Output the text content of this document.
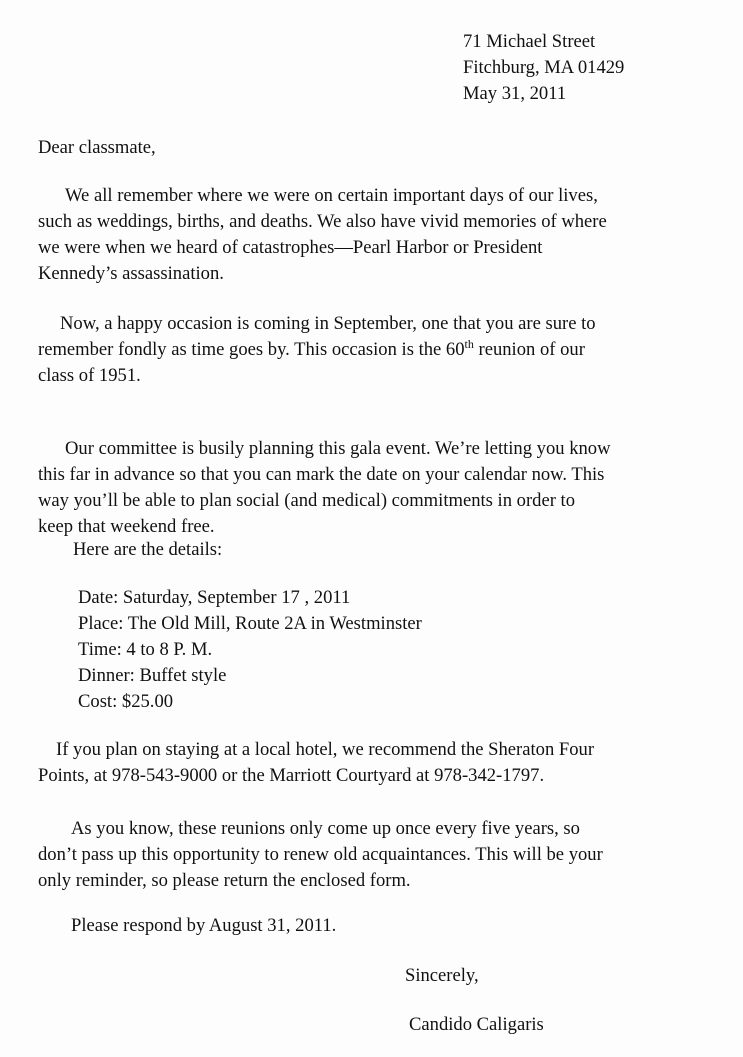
71 Michael Street
Fitchburg, MA 01429
May 31, 2011
Dear classmate,
We all remember where we were on certain important days of our lives,
such as weddings, births, and deaths. We also have vivid memories of where
we were when we heard of catastrophes—Pearl Harbor or President
Kennedy’s assassination.
Now, a happy occasion is coming in September, one that you are sure to
remember fondly as time goes by. This occasion is the 60th reunion of our
class of 1951.
Our committee is busily planning this gala event. We’re letting you know
this far in advance so that you can mark the date on your calendar now. This
way you’ll be able to plan social (and medical) commitments in order to
keep that weekend free.
Here are the details:
Date: Saturday, September 17 , 2011
Place: The Old Mill, Route 2A in Westminster
Time: 4 to 8 P. M.
Dinner: Buffet style
Cost: $25.00
If you plan on staying at a local hotel, we recommend the Sheraton Four
Points, at 978-543-9000 or the Marriott Courtyard at 978-342-1797.
As you know, these reunions only come up once every five years, so
don’t pass up this opportunity to renew old acquaintances. This will be your
only reminder, so please return the enclosed form.
Please respond by August 31, 2011.
Sincerely,
Candido Caligaris
